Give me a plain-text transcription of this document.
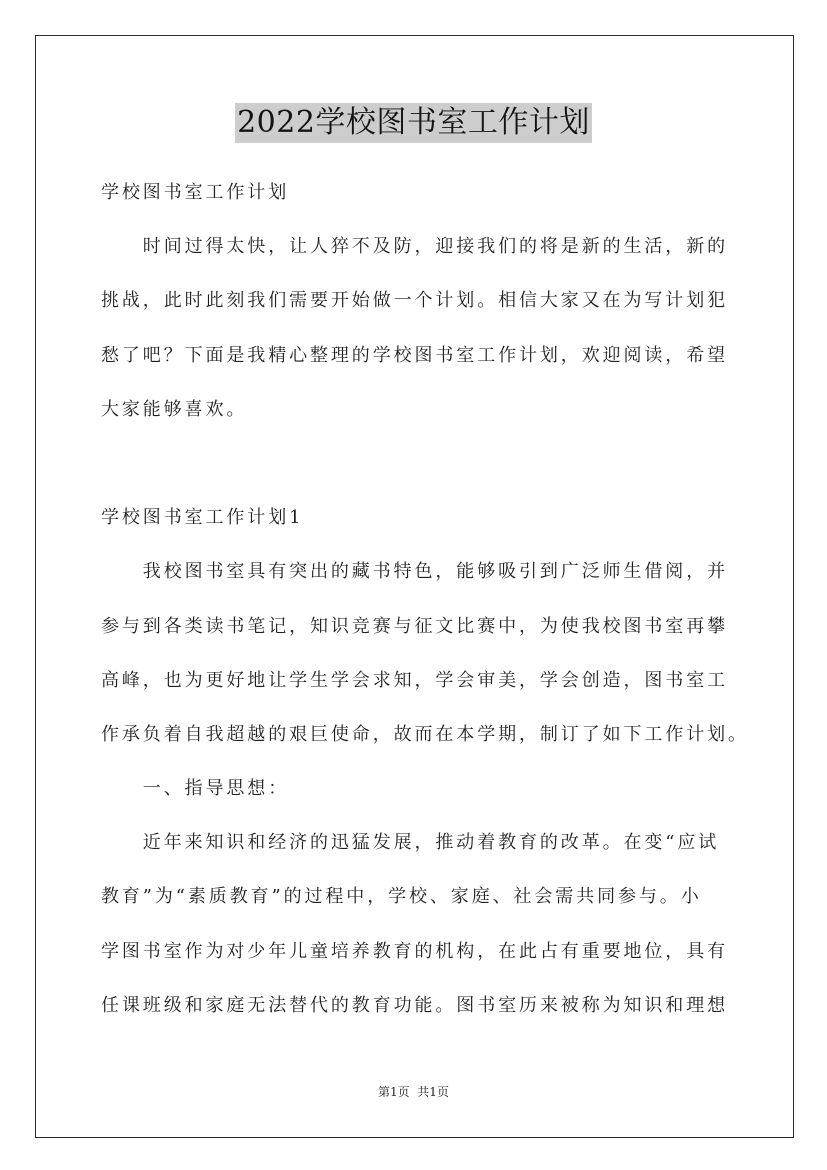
2022学校图书室工作计划
学校图书室工作计划
时间过得太快，让人猝不及防，迎接我们的将是新的生活，新的
挑战，此时此刻我们需要开始做一个计划。相信大家又在为写计划犯
愁了吧？下面是我精心整理的学校图书室工作计划，欢迎阅读，希望
大家能够喜欢。
学校图书室工作计划1
我校图书室具有突出的藏书特色，能够吸引到广泛师生借阅，并
参与到各类读书笔记，知识竞赛与征文比赛中，为使我校图书室再攀
高峰，也为更好地让学生学会求知，学会审美，学会创造，图书室工
作承负着自我超越的艰巨使命，故而在本学期，制订了如下工作计划。
一、指导思想：
近年来知识和经济的迅猛发展，推动着教育的改革。在变“应试
教育”为“素质教育”的过程中，学校、家庭、社会需共同参与。小
学图书室作为对少年儿童培养教育的机构，在此占有重要地位，具有
任课班级和家庭无法替代的教育功能。图书室历来被称为知识和理想
第1页  共1页
